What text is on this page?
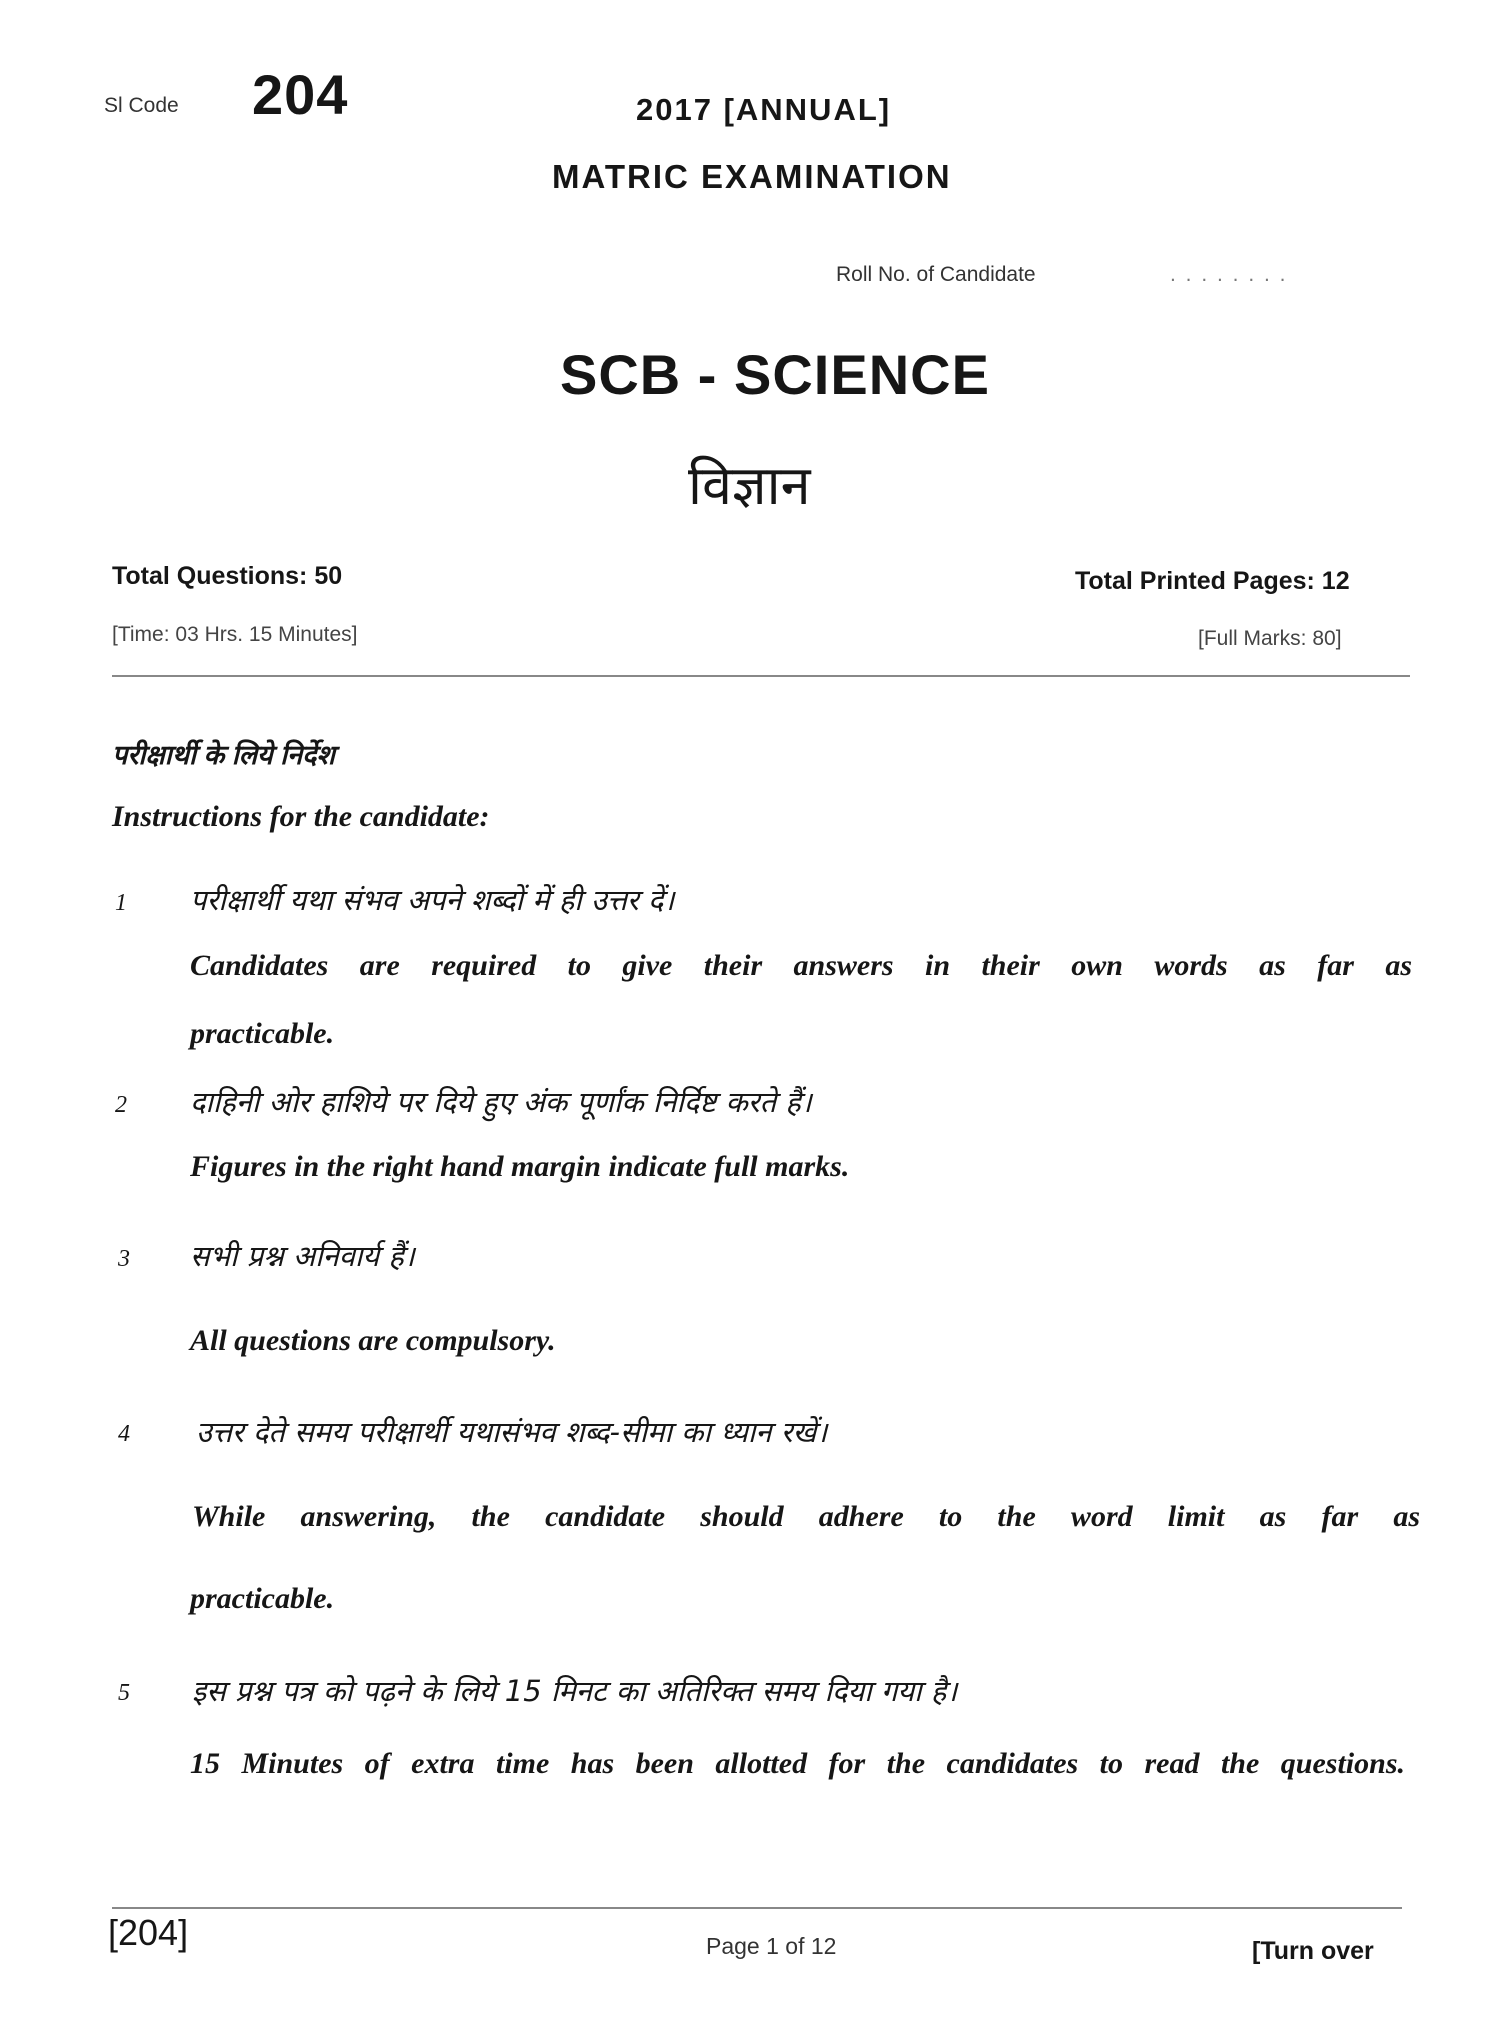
Sl Code 204	2017 [ANNUAL]
MATRIC EXAMINATION
Roll No. of Candidate	. . . . . . . .
SCB - SCIENCE
विज्ञान
Total Questions: 50	Total Printed Pages: 12
[Time: 03 Hrs. 15 Minutes]	[Full Marks: 80]
परीक्षार्थी के लिये निर्देश
Instructions for the candidate:
1 परीक्षार्थी यथा संभव अपने शब्दों में ही उत्तर दें।
Candidates are required to give their answers in their own words as far as
practicable.
2 दाहिनी ओर हाशिये पर दिये हुए अंक पूर्णांक निर्दिष्ट करते हैं।
Figures in the right hand margin indicate full marks.
3 सभी प्रश्न अनिवार्य हैं।
All questions are compulsory.
4 उत्तर देते समय परीक्षार्थी यथासंभव शब्द-सीमा का ध्यान रखें।
While answering, the candidate should adhere to the word limit as far as
practicable.
5 इस प्रश्न पत्र को पढ़ने के लिये 15 मिनट का अतिरिक्त समय दिया गया है।
15 Minutes of extra time has been allotted for the candidates to read the questions.
[204]	Page 1 of 12	[Turn over
